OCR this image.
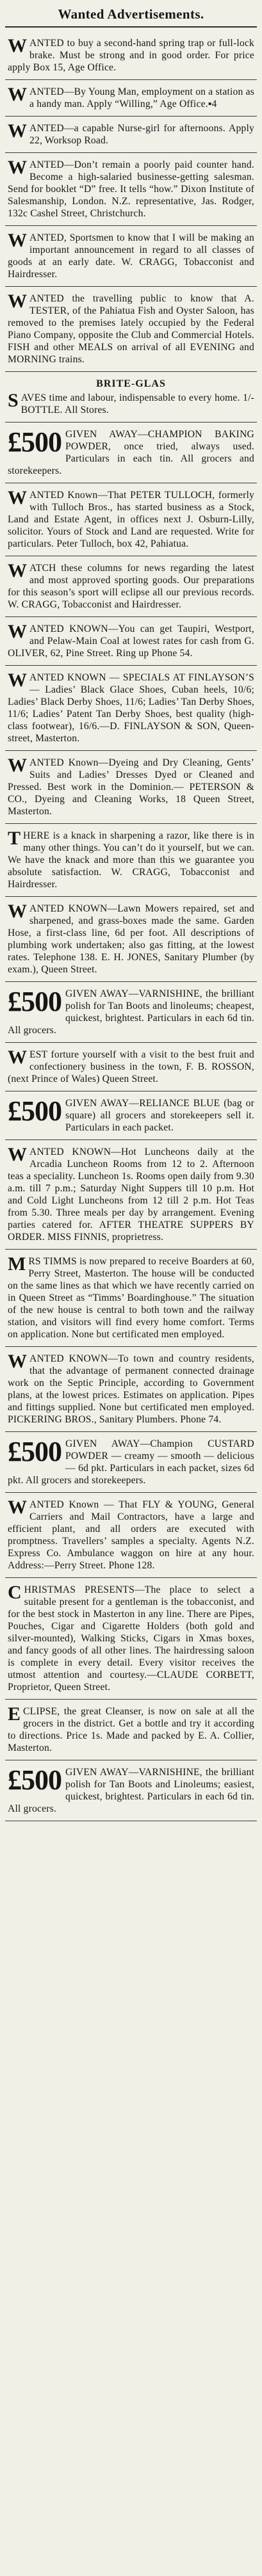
Wanted Advertisements.
WANTED to buy a second-hand spring trap or full-lock brake. Must be strong and in good order. For price apply Box 15, Age Office.
WANTED—By Young Man, employment on a station as a handy man. Apply “Willing,” Age Office.▪4
WANTED—a capable Nurse-girl for afternoons. Apply 22, Worksop Road.
WANTED—Don’t remain a poorly paid counter hand. Become a high-salaried businesse-getting salesman. Send for booklet “D” free. It tells “how.” Dixon Institute of Salesmanship, London. N.Z. representative, Jas. Rodger, 132c Cashel Street, Christchurch.
WANTED, Sportsmen to know that I will be making an important announcement in regard to all classes of goods at an early date. W. CRAGG, Tobacconist and Hairdresser.
WANTED the travelling public to know that A. TESTER, of the Pahiatua Fish and Oyster Saloon, has removed to the premises lately occupied by the Federal Piano Company, opposite the Club and Commercial Hotels. FISH and other MEALS on arrival of all EVENING and MORNING trains.
BRITE-GLAS
S AVES time and labour, indispensable to every home. 1/- BOTTLE. All Stores.
£500 GIVEN AWAY—CHAMPION BAKING POWDER, once tried, always used. Particulars in each tin. All grocers and storekeepers.
WANTED Known—That PETER TULLOCH, formerly with Tulloch Bros., has started business as a Stock, Land and Estate Agent, in offices next J. Osburn-Lilly, solicitor. Yours of Stock and Land are requested. Write for particulars. Peter Tulloch, box 42, Pahiatua.
WATCH these columns for news regarding the latest and most approved sporting goods. Our preparations for this season’s sport will eclipse all our previous records. W. CRAGG, Tobacconist and Hairdresser.
WANTED KNOWN—You can get Taupiri, Westport, and Pelaw-Main Coal at lowest rates for cash from G. OLIVER, 62, Pine Street. Ring up Phone 54.
WANTED KNOWN — SPECIALS AT FINLAYSON’S — Ladies’ Black Glace Shoes, Cuban heels, 10/6; Ladies’ Black Derby Shoes, 11/6; Ladies’ Tan Derby Shoes, 11/6; Ladies’ Patent Tan Derby Shoes, best quality (high-class footwear), 16/6.—D. FINLAYSON & SON, Queen-street, Masterton.
WANTED Known—Dyeing and Dry Cleaning, Gents’ Suits and Ladies’ Dresses Dyed or Cleaned and Pressed. Best work in the Dominion.— PETERSON & CO., Dyeing and Cleaning Works, 18 Queen Street, Masterton.
THERE is a knack in sharpening a razor, like there is in many other things. You can’t do it yourself, but we can. We have the knack and more than this we guarantee you absolute satisfaction. W. CRAGG, Tobacconist and Hairdresser.
WANTED KNOWN—Lawn Mowers repaired, set and sharpened, and grass-boxes made the same. Garden Hose, a first-class line, 6d per foot. All descriptions of plumbing work undertaken; also gas fitting, at the lowest rates. Telephone 138. E. H. JONES, Sanitary Plumber (by exam.), Queen Street.
£500 GIVEN AWAY—VARNISHINE, the brilliant polish for Tan Boots and linoleums; cheapest, quickest, brightest. Particulars in each 6d tin. All grocers.
WEST forture yourself with a visit to the best fruit and confectionery business in the town, F. B. ROSSON, (next Prince of Wales) Queen Street.
£500 GIVEN AWAY—RELIANCE BLUE (bag or square) all grocers and storekeepers sell it. Particulars in each packet.
WANTED KNOWN—Hot Luncheons daily at the Arcadia Luncheon Rooms from 12 to 2. Afternoon teas a speciality. Luncheon 1s. Rooms open daily from 9.30 a.m. till 7 p.m.; Saturday Night Suppers till 10 p.m. Hot and Cold Light Luncheons from 12 till 2 p.m. Hot Teas from 5.30. Three meals per day by arrangement. Evening parties catered for. AFTER THEATRE SUPPERS BY ORDER. MISS FINNIS, proprietress.
MRS TIMMS is now prepared to receive Boarders at 60, Perry Street, Masterton. The house will be conducted on the same lines as that which we have recently carried on in Queen Street as “Timms’ Boardinghouse.” The situation of the new house is central to both town and the railway station, and visitors will find every home comfort. Terms on application. None but certificated men employed.
WANTED KNOWN—To town and country residents, that the advantage of permanent connected drainage work on the Septic Principle, according to Government plans, at the lowest prices. Estimates on application. Pipes and fittings supplied. None but certificated men employed. PICKERING BROS., Sanitary Plumbers. Phone 74.
£500 GIVEN AWAY—Champion CUSTARD POWDER — creamy — smooth — delicious — 6d pkt. Particulars in each packet, sizes 6d pkt. All grocers and storekeepers.
WANTED Known — That FLY & YOUNG, General Carriers and Mail Contractors, have a large and efficient plant, and all orders are executed with promptness. Travellers’ samples a specialty. Agents N.Z. Express Co. Ambulance waggon on hire at any hour. Address:—Perry Street. Phone 128.
CHRISTMAS PRESENTS—The place to select a suitable present for a gentleman is the tobacconist, and for the best stock in Masterton in any line. There are Pipes, Pouches, Cigar and Cigarette Holders (both gold and silver-mounted), Walking Sticks, Cigars in Xmas boxes, and fancy goods of all other lines. The hairdressing saloon is complete in every detail. Every visitor receives the utmost attention and courtesy.—CLAUDE CORBETT, Proprietor, Queen Street.
ECLIPSE, the great Cleanser, is now on sale at all the grocers in the district. Get a bottle and try it according to directions. Price 1s. Made and packed by E. A. Collier, Masterton.
£500 GIVEN AWAY—VARNISHINE, the brilliant polish for Tan Boots and Linoleums; easiest, quickest, brightest. Particulars in each 6d tin. All grocers.
